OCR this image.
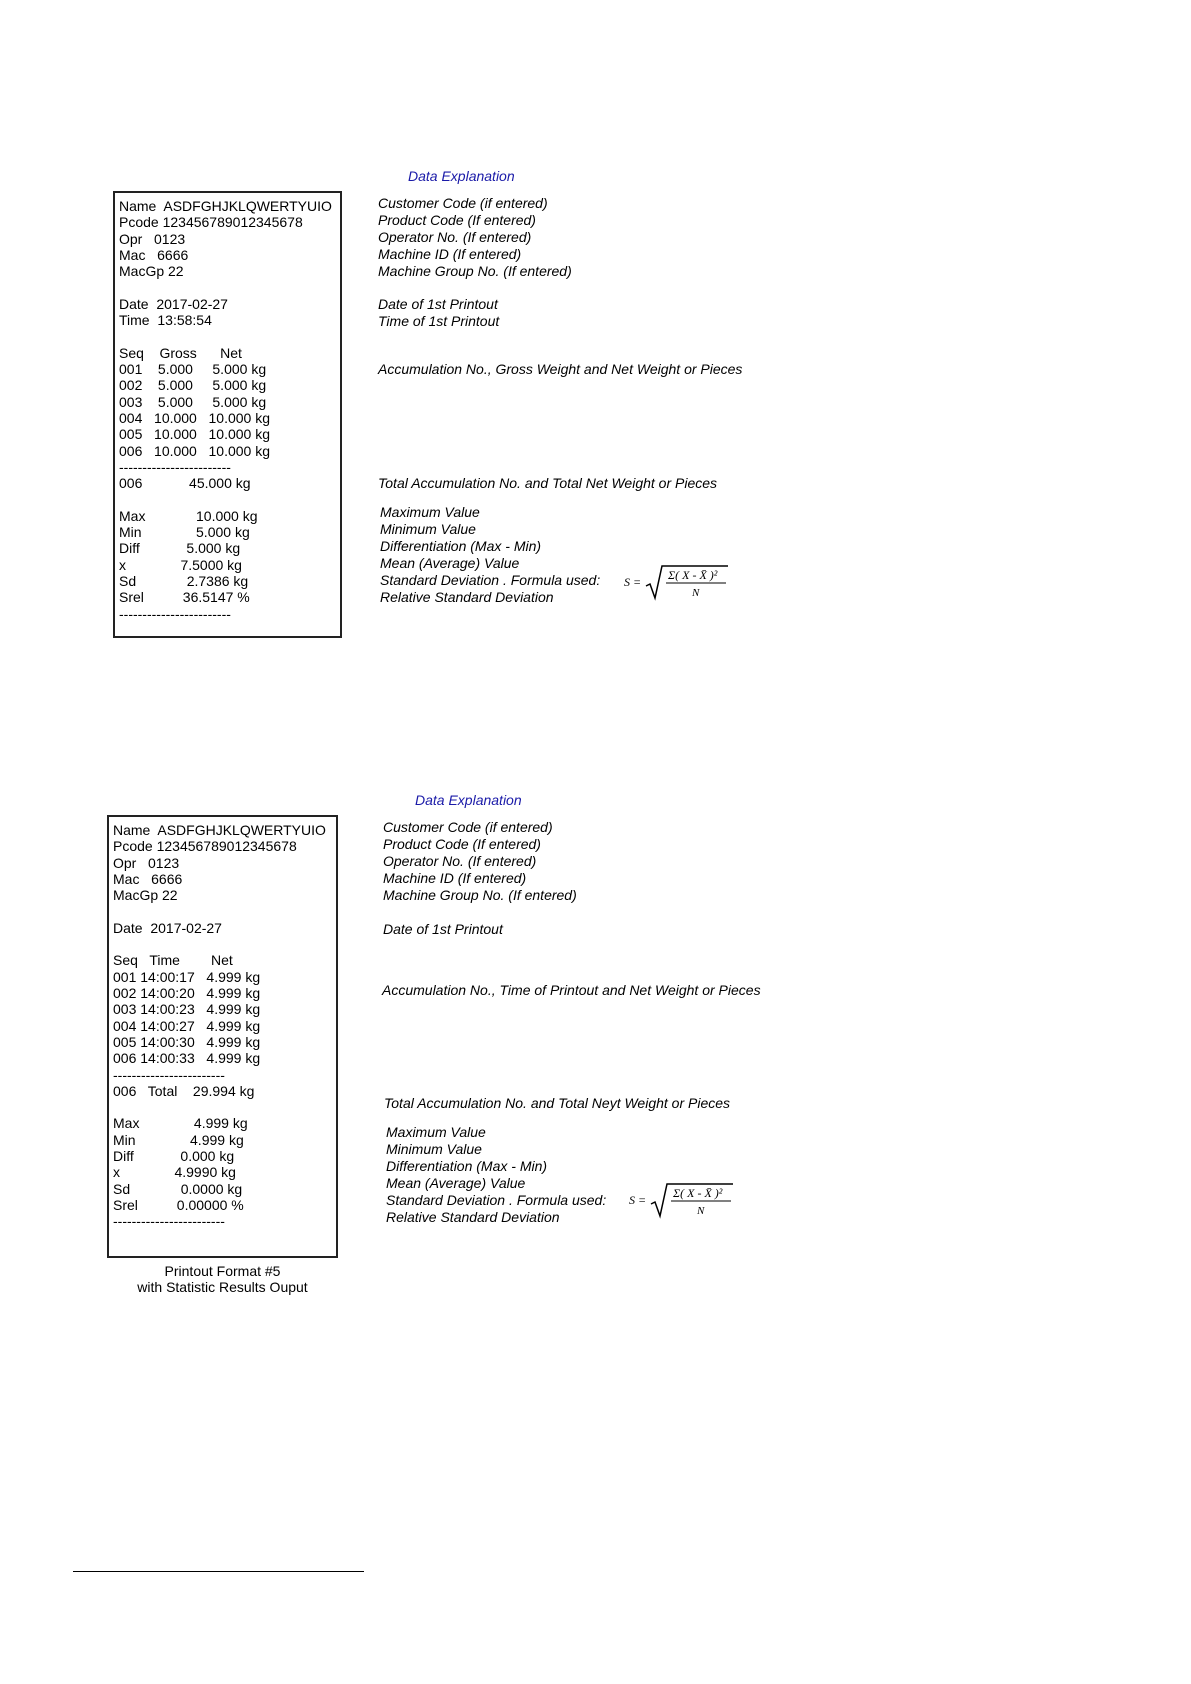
Data Explanation
Name  ASDFGHJKLQWERTYUIO
Pcode 123456789012345678
Opr   0123
Mac   6666
MacGp 22
Date  2017-02-27
Time  13:58:54
Seq    Gross      Net
001    5.000     5.000 kg
002    5.000     5.000 kg
003    5.000     5.000 kg
004   10.000   10.000 kg
005   10.000   10.000 kg
006   10.000   10.000 kg
------------------------
006            45.000 kg
Max             10.000 kg
Min              5.000 kg
Diff            5.000 kg
x              7.5000 kg
Sd             2.7386 kg
Srel          36.5147 %
------------------------
Customer Code (if entered)
Product Code (If entered)
Operator No. (If entered)
Machine ID (If entered)
Machine Group No. (If entered)
Date of 1st Printout
Time of 1st Printout
Accumulation No., Gross Weight and Net Weight or Pieces
Total Accumulation No. and Total Net Weight or Pieces
Maximum Value
Minimum Value
Differentiation (Max - Min)
Mean (Average) Value
Standard Deviation . Formula used:
Relative Standard Deviation
S = Σ( X - X̄ )²
N
Data Explanation
Name  ASDFGHJKLQWERTYUIO
Pcode 123456789012345678
Opr   0123
Mac   6666
MacGp 22
Date  2017-02-27
Seq   Time        Net
001 14:00:17   4.999 kg
002 14:00:20   4.999 kg
003 14:00:23   4.999 kg
004 14:00:27   4.999 kg
005 14:00:30   4.999 kg
006 14:00:33   4.999 kg
------------------------
006   Total    29.994 kg
Max              4.999 kg
Min              4.999 kg
Diff            0.000 kg
x              4.9990 kg
Sd             0.0000 kg
Srel          0.00000 %
------------------------
Customer Code (if entered)
Product Code (If entered)
Operator No. (If entered)
Machine ID (If entered)
Machine Group No. (If entered)
Date of 1st Printout
Accumulation No., Time of Printout and Net Weight or Pieces
Total Accumulation No. and Total Neyt Weight or Pieces
Maximum Value
Minimum Value
Differentiation (Max - Min)
Mean (Average) Value
Standard Deviation . Formula used:
Relative Standard Deviation
S = Σ( X - X̄ )²
N
Printout Format #5
with Statistic Results Ouput
